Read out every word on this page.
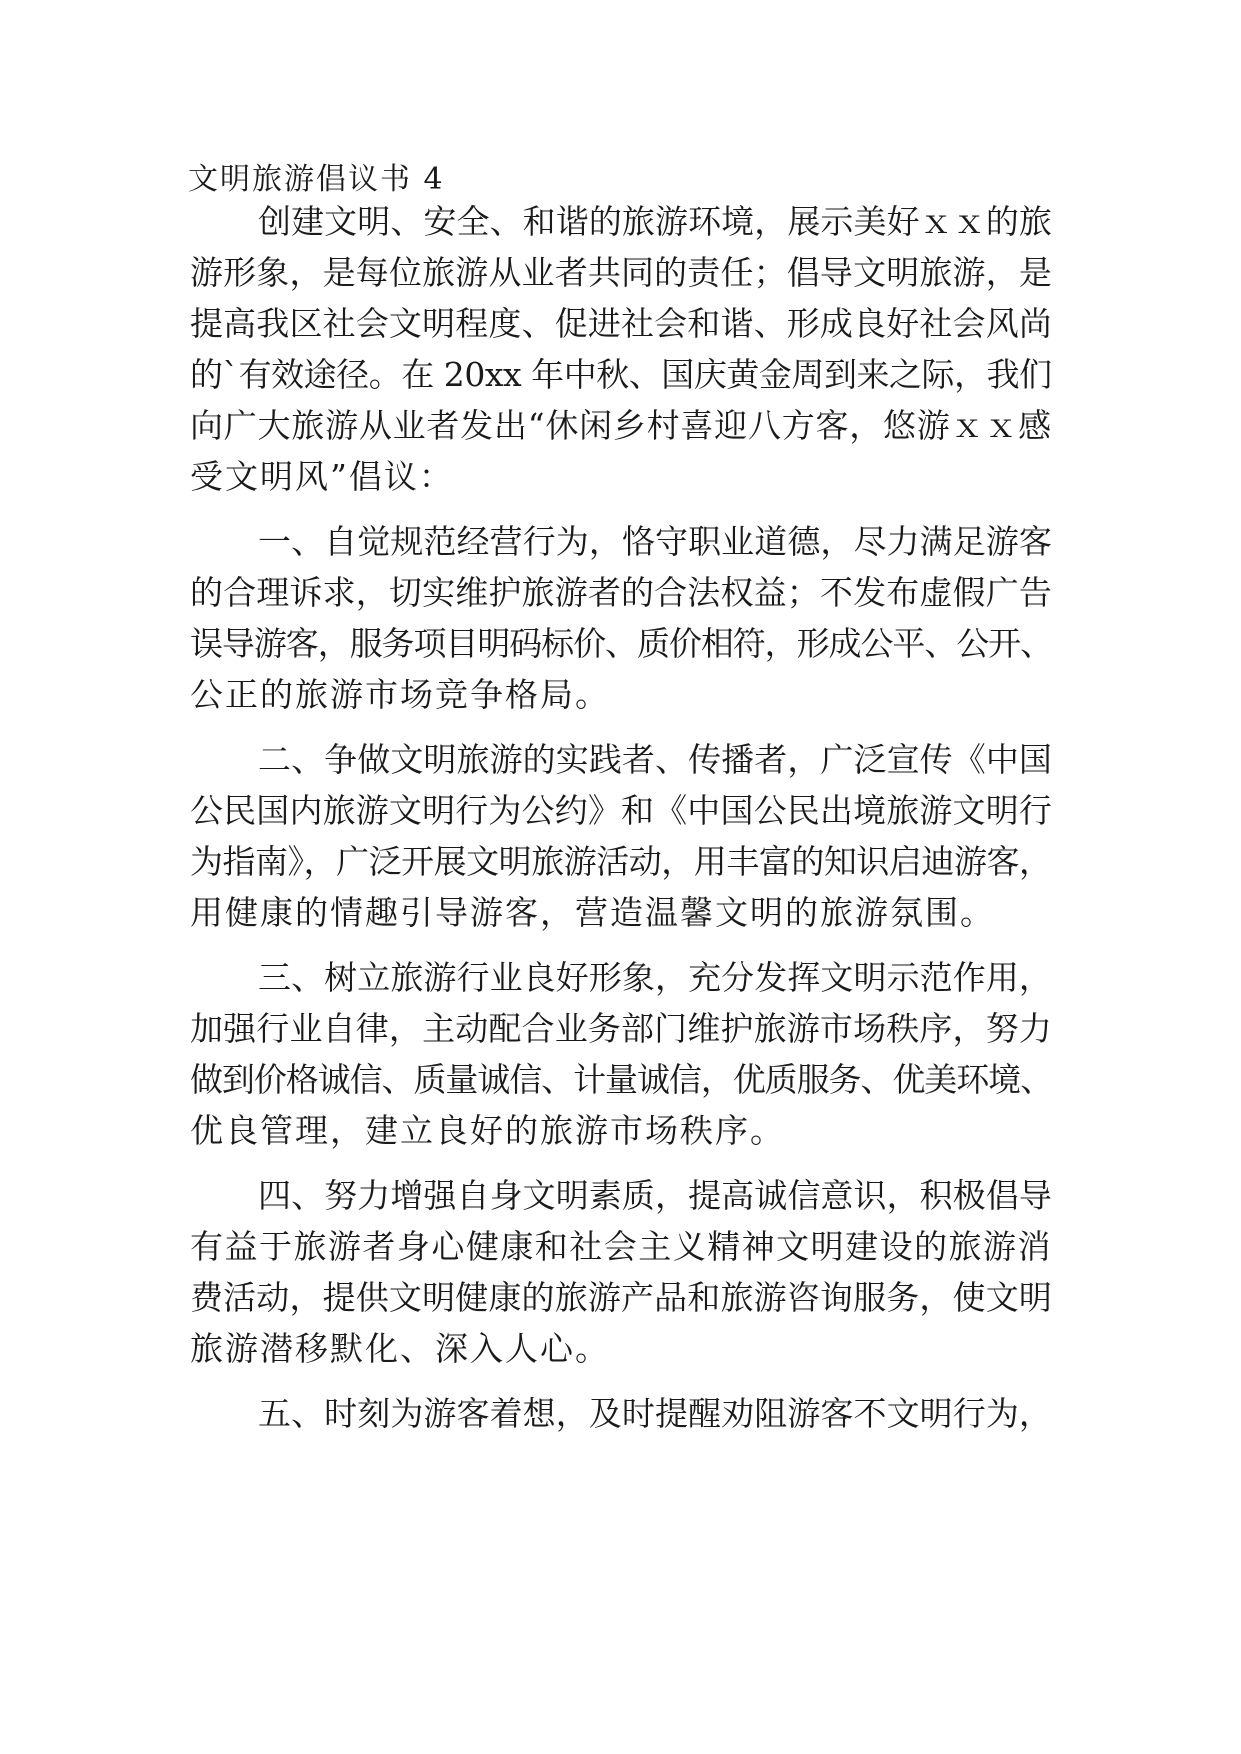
文明旅游倡议书 4
创建文明、安全、和谐的旅游环境，展示美好ｘｘ的旅
游形象，是每位旅游从业者共同的责任；倡导文明旅游，是
提高我区社会文明程度、促进社会和谐、形成良好社会风尚
的`有效途径。在 20xx 年中秋、国庆黄金周到来之际，我们
向广大旅游从业者发出“休闲乡村喜迎八方客，悠游ｘｘ感
受文明风”倡议：
一、自觉规范经营行为，恪守职业道德，尽力满足游客
的合理诉求，切实维护旅游者的合法权益；不发布虚假广告
误导游客，服务项目明码标价、质价相符，形成公平、公开、
公正的旅游市场竞争格局。
二、争做文明旅游的实践者、传播者，广泛宣传《中国
公民国内旅游文明行为公约》和《中国公民出境旅游文明行
为指南》，广泛开展文明旅游活动，用丰富的知识启迪游客，
用健康的情趣引导游客，营造温馨文明的旅游氛围。
三、树立旅游行业良好形象，充分发挥文明示范作用，
加强行业自律，主动配合业务部门维护旅游市场秩序，努力
做到价格诚信、质量诚信、计量诚信，优质服务、优美环境、
优良管理，建立良好的旅游市场秩序。
四、努力增强自身文明素质，提高诚信意识，积极倡导
有益于旅游者身心健康和社会主义精神文明建设的旅游消
费活动，提供文明健康的旅游产品和旅游咨询服务，使文明
旅游潜移默化、深入人心。
五、时刻为游客着想，及时提醒劝阻游客不文明行为，
